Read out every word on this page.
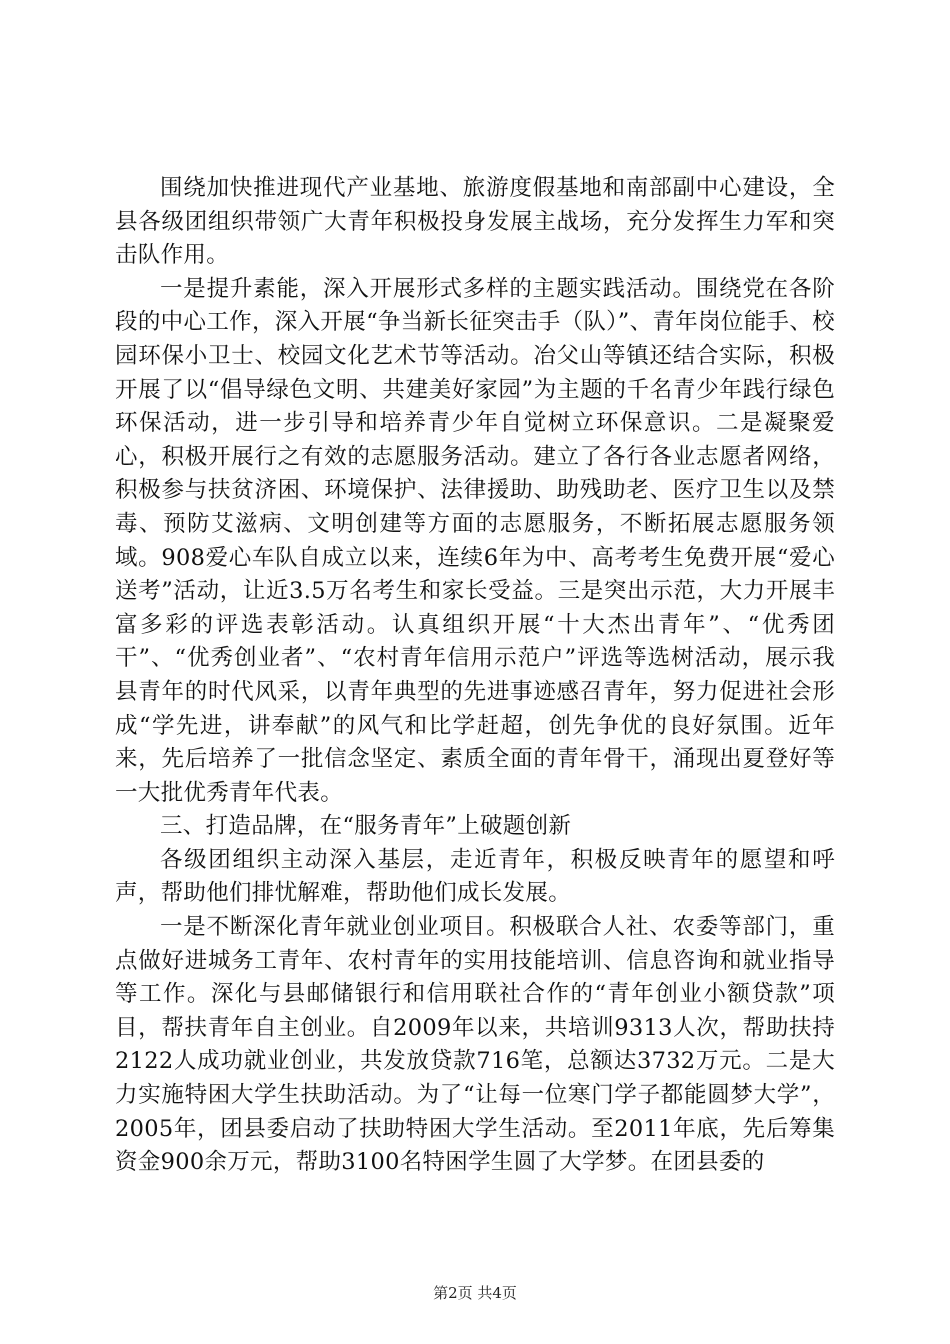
围绕加快推进现代产业基地、旅游度假基地和南部副中心建设，全县各级团组织带领广大青年积极投身发展主战场，充分发挥生力军和突击队作用。

一是提升素能，深入开展形式多样的主题实践活动。围绕党在各阶段的中心工作，深入开展“争当新长征突击手（队）”、青年岗位能手、校园环保小卫士、校园文化艺术节等活动。冶父山等镇还结合实际，积极开展了以“倡导绿色文明、共建美好家园”为主题的千名青少年践行绿色环保活动，进一步引导和培养青少年自觉树立环保意识。二是凝聚爱心，积极开展行之有效的志愿服务活动。建立了各行各业志愿者网络，积极参与扶贫济困、环境保护、法律援助、助残助老、医疗卫生以及禁毒、预防艾滋病、文明创建等方面的志愿服务，不断拓展志愿服务领域。908爱心车队自成立以来，连续6年为中、高考考生免费开展“爱心送考”活动，让近3.5万名考生和家长受益。三是突出示范，大力开展丰富多彩的评选表彰活动。认真组织开展“十大杰出青年”、“优秀团干”、“优秀创业者”、“农村青年信用示范户”评选等选树活动，展示我县青年的时代风采，以青年典型的先进事迹感召青年，努力促进社会形成“学先进，讲奉献”的风气和比学赶超，创先争优的良好氛围。近年来，先后培养了一批信念坚定、素质全面的青年骨干，涌现出夏登好等一大批优秀青年代表。

三、打造品牌，在“服务青年”上破题创新

各级团组织主动深入基层，走近青年，积极反映青年的愿望和呼声，帮助他们排忧解难，帮助他们成长发展。

一是不断深化青年就业创业项目。积极联合人社、农委等部门，重点做好进城务工青年、农村青年的实用技能培训、信息咨询和就业指导等工作。深化与县邮储银行和信用联社合作的“青年创业小额贷款”项目，帮扶青年自主创业。自2009年以来，共培训9313人次，帮助扶持2122人成功就业创业，共发放贷款716笔，总额达3732万元。二是大力实施特困大学生扶助活动。为了“让每一位寒门学子都能圆梦大学”，2005年，团县委启动了扶助特困大学生活动。至2011年底，先后筹集资金900余万元，帮助3100名特困学生圆了大学梦。在团县委的

第2页 共4页
